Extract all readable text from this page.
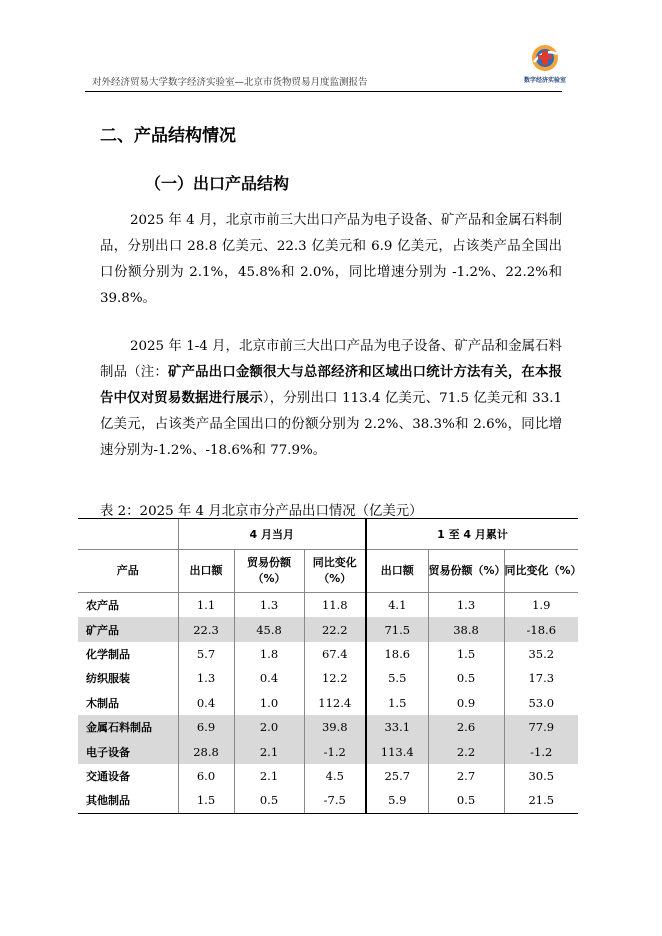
对外经济贸易大学数字经济实验室—北京市货物贸易月度监测报告	数字经济实验室
二、产品结构情况
（一）出口产品结构

2025 年 4 月，北京市前三大出口产品为电子设备、矿产品和金属石料制品，分别出口 28.8 亿美元、22.3 亿美元和 6.9 亿美元，占该类产品全国出口份额分别为 2.1%，45.8%和 2.0%，同比增速分别为 -1.2%、22.2%和 39.8%。

2025 年 1-4 月，北京市前三大出口产品为电子设备、矿产品和金属石料制品（注：矿产品出口金额很大与总部经济和区域出口统计方法有关，在本报告中仅对贸易数据进行展示），分别出口 113.4 亿美元、71.5 亿美元和 33.1 亿美元，占该类产品全国出口的份额分别为 2.2%、38.3%和 2.6%，同比增速分别为-1.2%、-18.6%和 77.9%。

表 2：2025 年 4 月北京市分产品出口情况（亿美元）
	4 月当月			1 至 4 月累计		
产品	出口额	贸易份额（%）	同比变化（%）	出口额	贸易份额（%）	同比变化（%）
农产品	1.1	1.3	11.8	4.1	1.3	1.9
矿产品	22.3	45.8	22.2	71.5	38.8	-18.6
化学制品	5.7	1.8	67.4	18.6	1.5	35.2
纺织服装	1.3	0.4	12.2	5.5	0.5	17.3
木制品	0.4	1.0	112.4	1.5	0.9	53.0
金属石料制品	6.9	2.0	39.8	33.1	2.6	77.9
电子设备	28.8	2.1	-1.2	113.4	2.2	-1.2
交通设备	6.0	2.1	4.5	25.7	2.7	30.5
其他制品	1.5	0.5	-7.5	5.9	0.5	21.5
